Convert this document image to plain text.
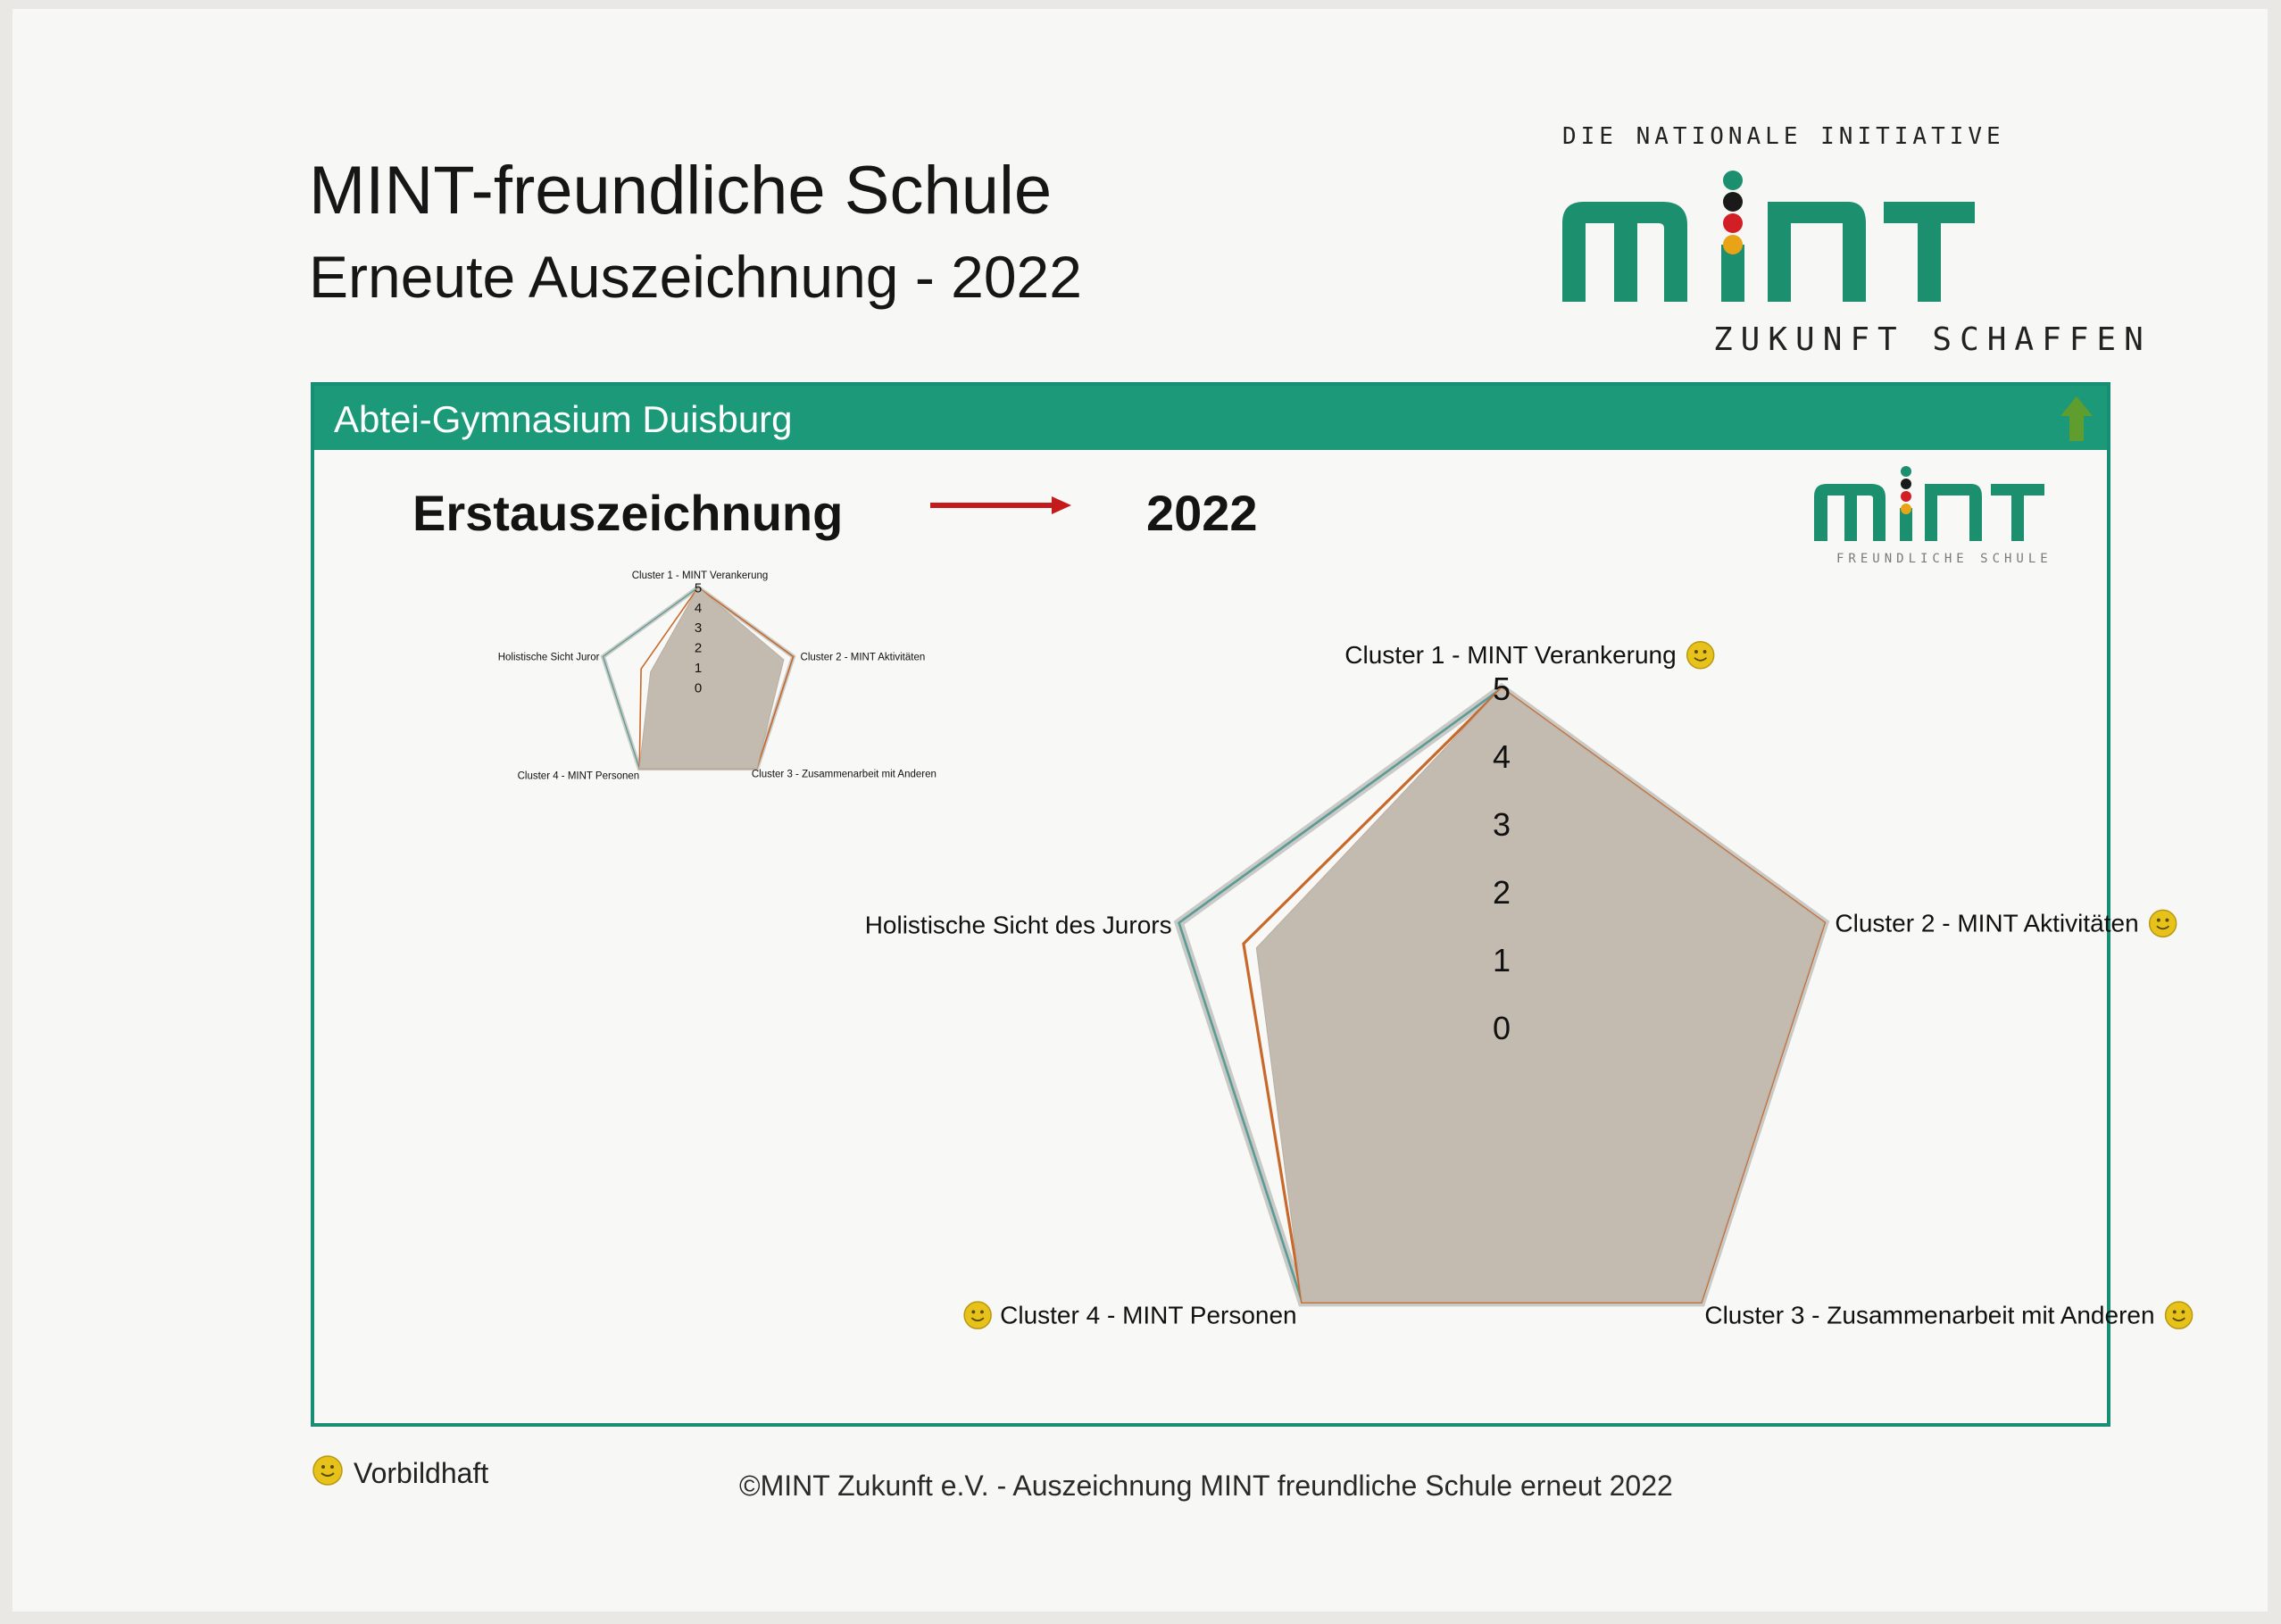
MINT-freundliche Schule
Erneute Auszeichnung - 2022
DIE NATIONALE INITIATIVE
ZUKUNFT SCHAFFEN
Abtei-Gymnasium Duisburg
Erstauszeichnung	2022
FREUNDLICHE SCHULE
0
1
2
3
4
5
Cluster 1 - MINT Verankerung
Cluster 2 - MINT Aktivitäten
Cluster 3 - Zusammenarbeit mit Anderen
Cluster 4 - MINT Personen
Holistische Sicht Juror
0
1
2
3
4
5
Cluster 1 - MINT Verankerung
Cluster 2 - MINT Aktivitäten
Cluster 3 - Zusammenarbeit mit Anderen
Cluster 4 - MINT Personen
Holistische Sicht des Jurors
Vorbildhaft	©MINT Zukunft e.V. - Auszeichnung MINT freundliche Schule erneut 2022
